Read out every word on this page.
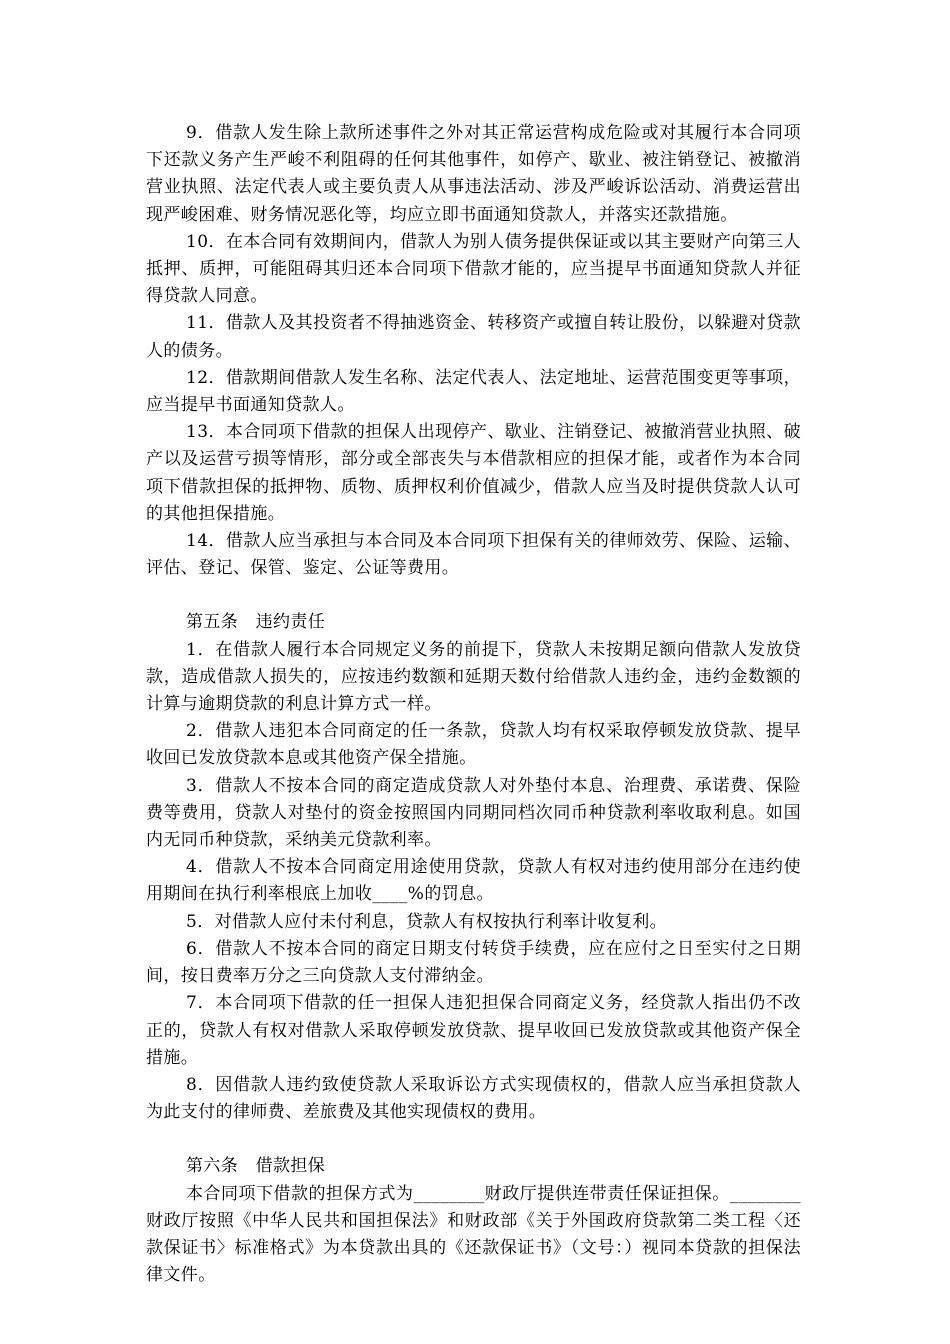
9．借款人发生除上款所述事件之外对其正常运营构成危险或对其履行本合同项下还款义务产生严峻不利阻碍的任何其他事件，如停产、歇业、被注销登记、被撤消营业执照、法定代表人或主要负责人从事违法活动、涉及严峻诉讼活动、消费运营出现严峻困难、财务情况恶化等，均应立即书面通知贷款人，并落实还款措施。

10．在本合同有效期间内，借款人为别人债务提供保证或以其主要财产向第三人抵押、质押，可能阻碍其归还本合同项下借款才能的，应当提早书面通知贷款人并征得贷款人同意。

11．借款人及其投资者不得抽逃资金、转移资产或擅自转让股份，以躲避对贷款人的债务。

12．借款期间借款人发生名称、法定代表人、法定地址、运营范围变更等事项，应当提早书面通知贷款人。

13．本合同项下借款的担保人出现停产、歇业、注销登记、被撤消营业执照、破产以及运营亏损等情形，部分或全部丧失与本借款相应的担保才能，或者作为本合同项下借款担保的抵押物、质物、质押权利价值减少，借款人应当及时提供贷款人认可的其他担保措施。

14．借款人应当承担与本合同及本合同项下担保有关的律师效劳、保险、运输、评估、登记、保管、鉴定、公证等费用。

第五条　违约责任

1．在借款人履行本合同规定义务的前提下，贷款人未按期足额向借款人发放贷款，造成借款人损失的，应按违约数额和延期天数付给借款人违约金，违约金数额的计算与逾期贷款的利息计算方式一样。

2．借款人违犯本合同商定的任一条款，贷款人均有权采取停顿发放贷款、提早收回已发放贷款本息或其他资产保全措施。

3．借款人不按本合同的商定造成贷款人对外垫付本息、治理费、承诺费、保险费等费用，贷款人对垫付的资金按照国内同期同档次同币种贷款利率收取利息。如国内无同币种贷款，采纳美元贷款利率。

4．借款人不按本合同商定用途使用贷款，贷款人有权对违约使用部分在违约使用期间在执行利率根底上加收____%的罚息。

5．对借款人应付未付利息，贷款人有权按执行利率计收复利。

6．借款人不按本合同的商定日期支付转贷手续费，应在应付之日至实付之日期间，按日费率万分之三向贷款人支付滞纳金。

7．本合同项下借款的任一担保人违犯担保合同商定义务，经贷款人指出仍不改正的，贷款人有权对借款人采取停顿发放贷款、提早收回已发放贷款或其他资产保全措施。

8．因借款人违约致使贷款人采取诉讼方式实现债权的，借款人应当承担贷款人为此支付的律师费、差旅费及其他实现债权的费用。

第六条　借款担保

本合同项下借款的担保方式为________财政厅提供连带责任保证担保。________财政厅按照《中华人民共和国担保法》和财政部《关于外国政府贷款第二类工程〈还款保证书〉标准格式》为本贷款出具的《还款保证书》（文号：）视同本贷款的担保法律文件。
